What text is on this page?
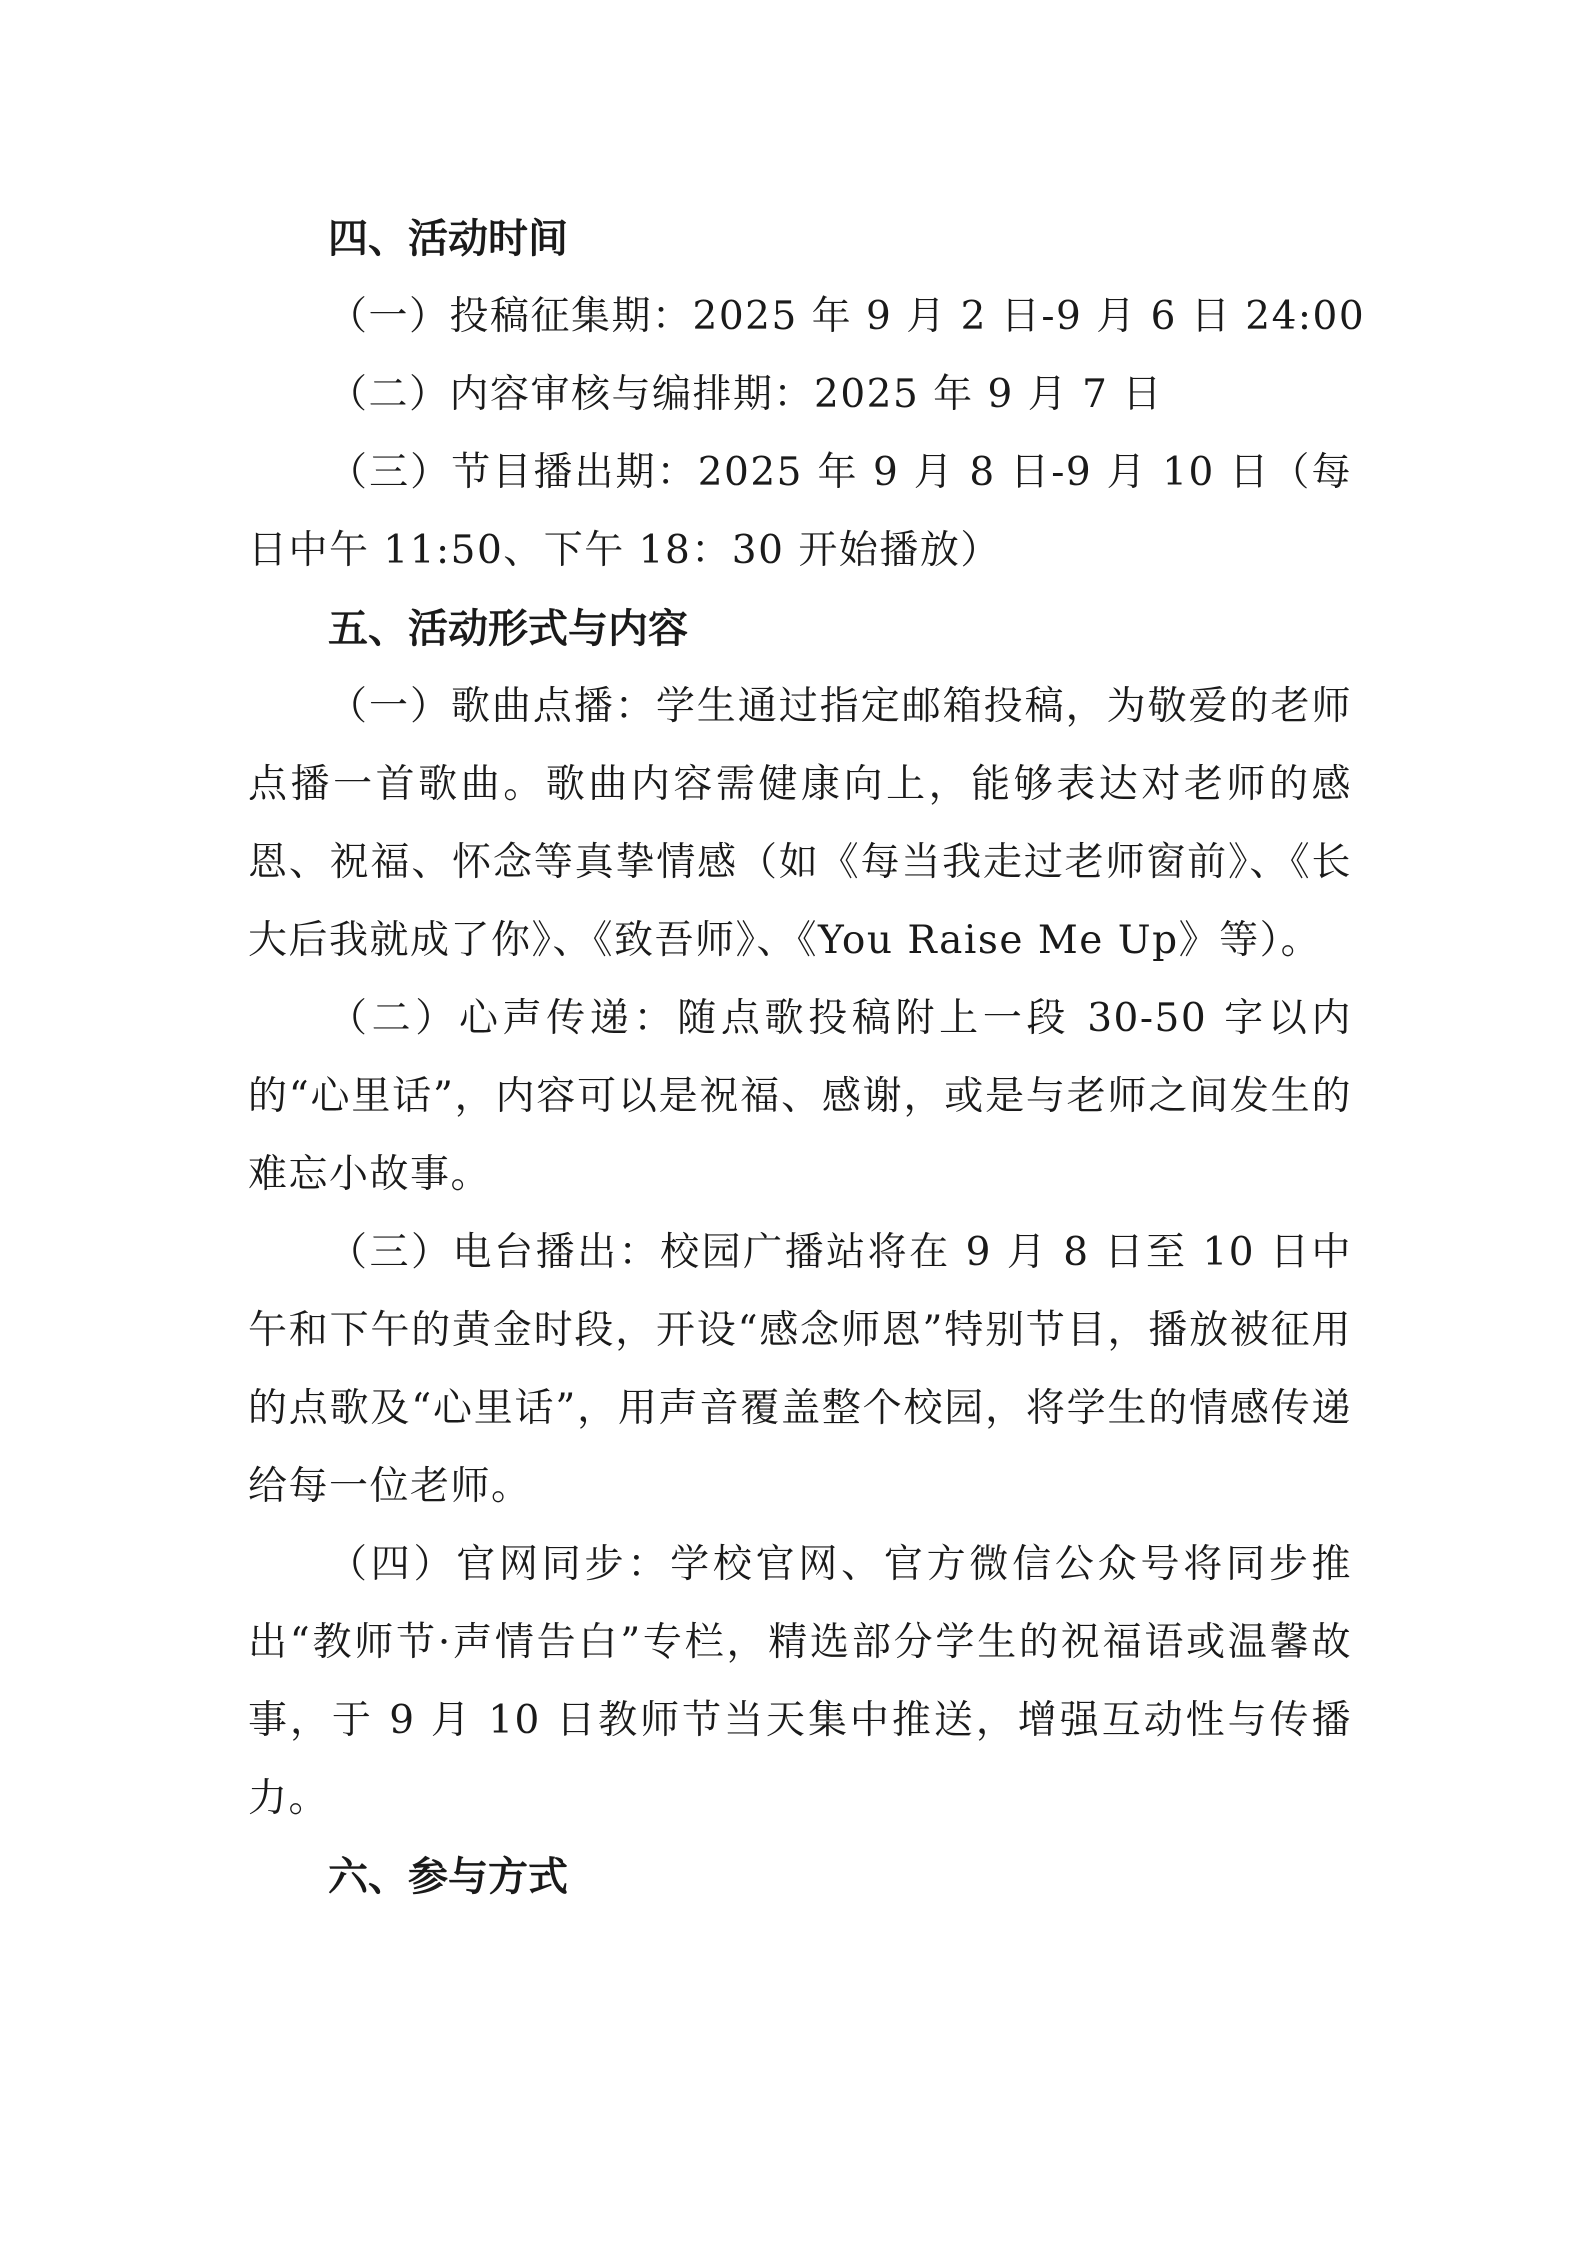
四、活动时间

（一）投稿征集期：2025 年 9 月 2 日-9 月 6 日 24:00

（二）内容审核与编排期：2025 年 9 月 7 日

（三）节目播出期：2025 年 9 月 8 日-9 月 10 日（每日中午 11:50、下午 18：30 开始播放）

五、活动形式与内容

（一）歌曲点播：学生通过指定邮箱投稿，为敬爱的老师点播一首歌曲。歌曲内容需健康向上，能够表达对老师的感恩、祝福、怀念等真挚情感（如《每当我走过老师窗前》、《长大后我就成了你》、《致吾师》、《You Raise Me Up》等）。

（二）心声传递：随点歌投稿附上一段 30-50 字以内的“心里话”，内容可以是祝福、感谢，或是与老师之间发生的难忘小故事。

（三）电台播出：校园广播站将在 9 月 8 日至 10 日中午和下午的黄金时段，开设“感念师恩”特别节目，播放被征用的点歌及“心里话”，用声音覆盖整个校园，将学生的情感传递给每一位老师。

（四）官网同步：学校官网、官方微信公众号将同步推出“教师节·声情告白”专栏，精选部分学生的祝福语或温馨故事，于 9 月 10 日教师节当天集中推送，增强互动性与传播力。

六、参与方式
